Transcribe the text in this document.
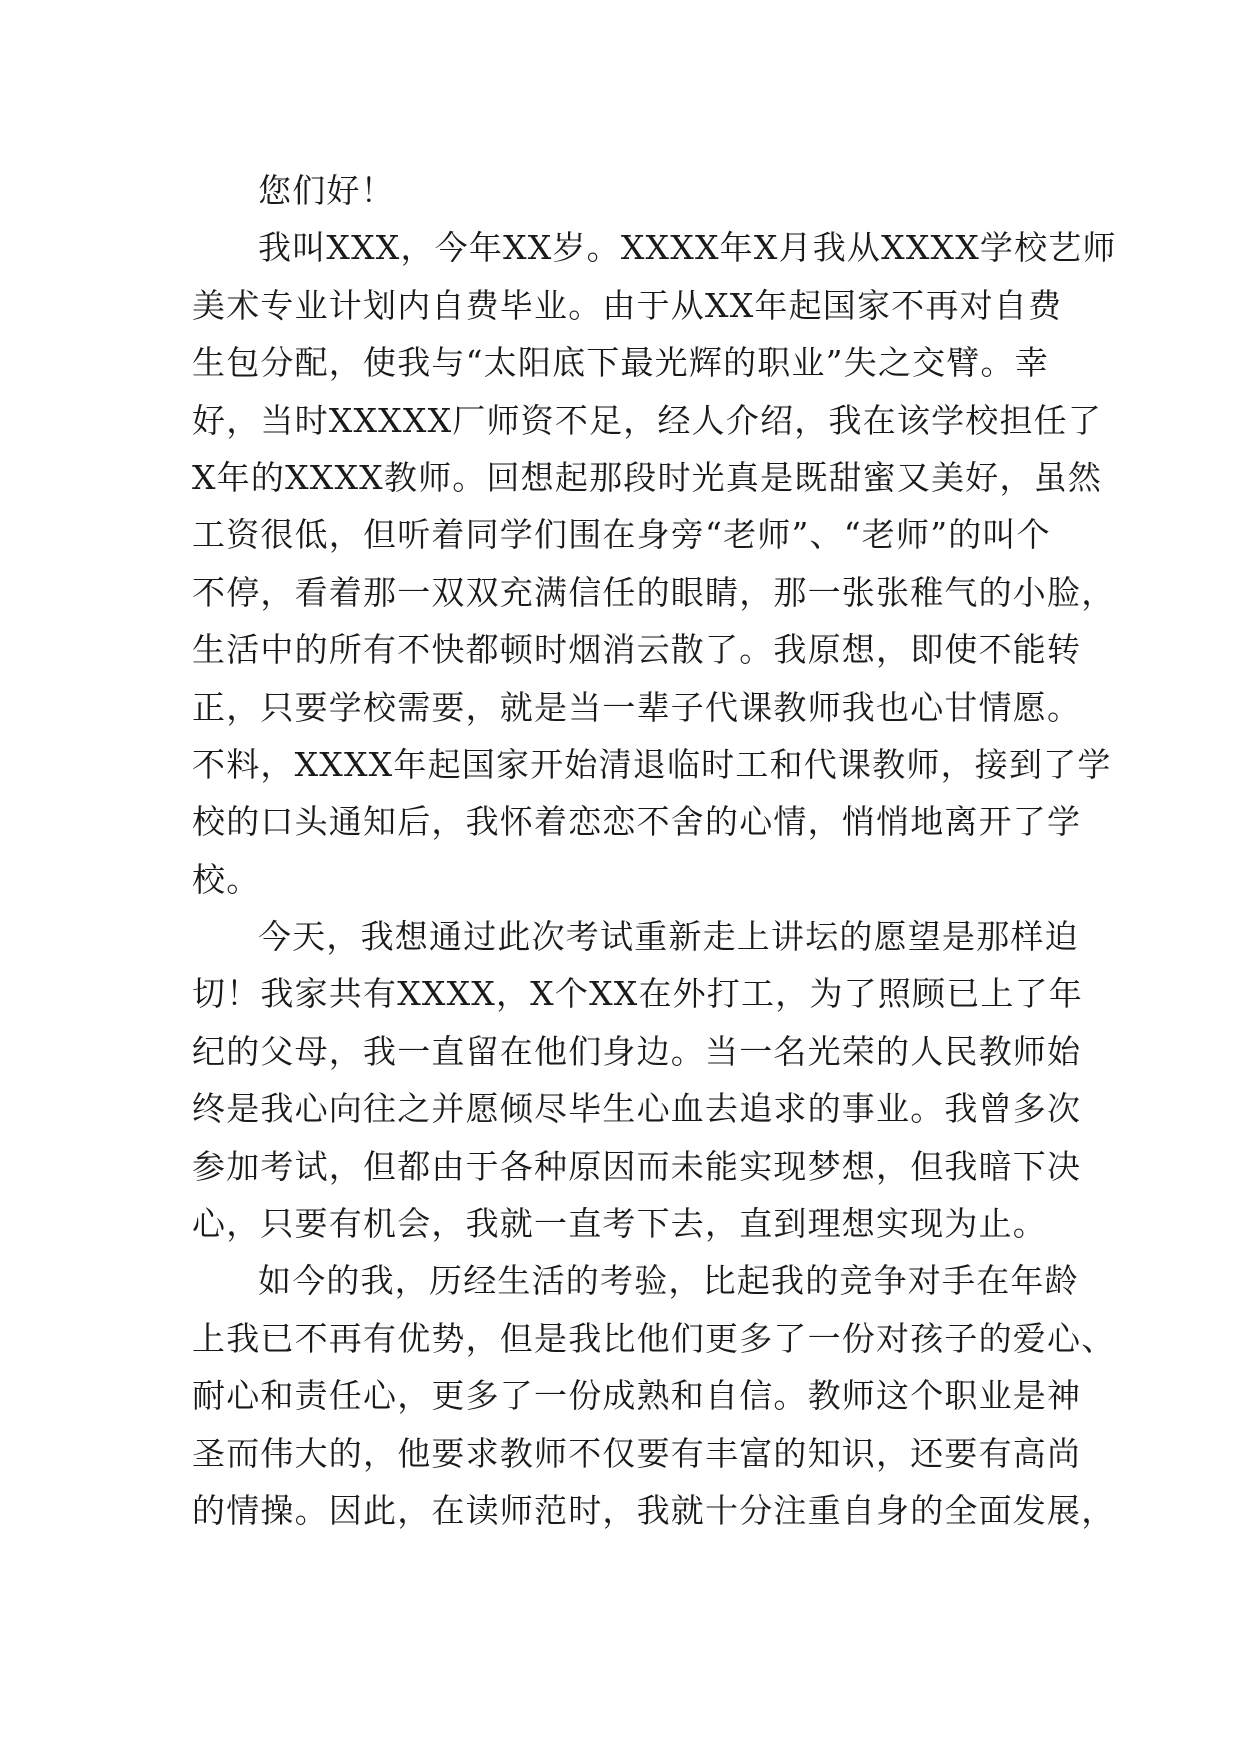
您们好！
我叫XXX，今年XX岁。XXXX年X月我从XXXX学校艺师
美术专业计划内自费毕业。由于从XX年起国家不再对自费
生包分配，使我与“太阳底下最光辉的职业”失之交臂。幸
好，当时XXXXX厂师资不足，经人介绍，我在该学校担任了
X年的XXXX教师。回想起那段时光真是既甜蜜又美好，虽然
工资很低，但听着同学们围在身旁“老师”、“老师”的叫个
不停，看着那一双双充满信任的眼睛，那一张张稚气的小脸，
生活中的所有不快都顿时烟消云散了。我原想，即使不能转
正，只要学校需要，就是当一辈子代课教师我也心甘情愿。
不料，XXXX年起国家开始清退临时工和代课教师，接到了学
校的口头通知后，我怀着恋恋不舍的心情，悄悄地离开了学
校。
今天，我想通过此次考试重新走上讲坛的愿望是那样迫
切！我家共有XXXX，X个XX在外打工，为了照顾已上了年
纪的父母，我一直留在他们身边。当一名光荣的人民教师始
终是我心向往之并愿倾尽毕生心血去追求的事业。我曾多次
参加考试，但都由于各种原因而未能实现梦想，但我暗下决
心，只要有机会，我就一直考下去，直到理想实现为止。
如今的我，历经生活的考验，比起我的竞争对手在年龄
上我已不再有优势，但是我比他们更多了一份对孩子的爱心、
耐心和责任心，更多了一份成熟和自信。教师这个职业是神
圣而伟大的，他要求教师不仅要有丰富的知识，还要有高尚
的情操。因此，在读师范时，我就十分注重自身的全面发展，
